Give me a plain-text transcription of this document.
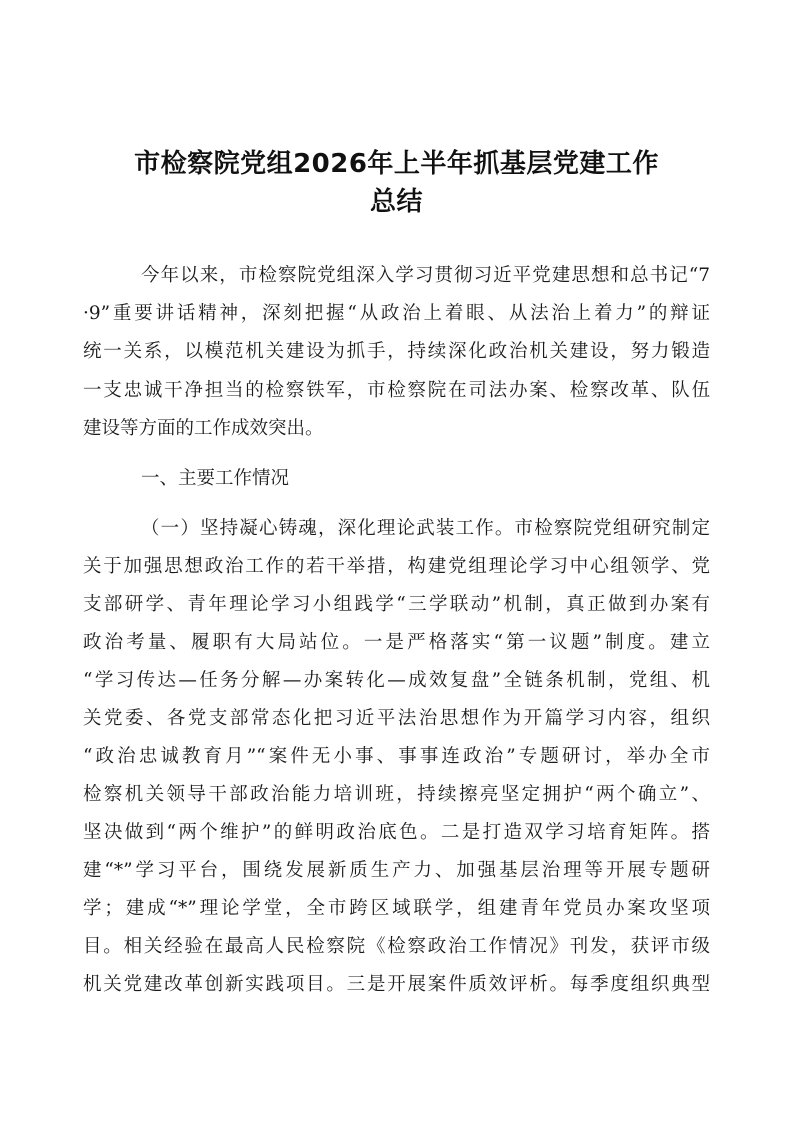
市检察院党组2026年上半年抓基层党建工作
总结
今年以来，市检察院党组深入学习贯彻习近平党建思想和总书记“7
·9”重要讲话精神，深刻把握“从政治上着眼、从法治上着力”的辩证
统一关系，以模范机关建设为抓手，持续深化政治机关建设，努力锻造
一支忠诚干净担当的检察铁军，市检察院在司法办案、检察改革、队伍
建设等方面的工作成效突出。
一、主要工作情况
（一）坚持凝心铸魂，深化理论武装工作。市检察院党组研究制定
关于加强思想政治工作的若干举措，构建党组理论学习中心组领学、党
支部研学、青年理论学习小组践学“三学联动”机制，真正做到办案有
政治考量、履职有大局站位。一是严格落实“第一议题”制度。建立
“学习传达—任务分解—办案转化—成效复盘”全链条机制，党组、机
关党委、各党支部常态化把习近平法治思想作为开篇学习内容，组织
“政治忠诚教育月”“案件无小事、事事连政治”专题研讨，举办全市
检察机关领导干部政治能力培训班，持续擦亮坚定拥护“两个确立”、
坚决做到“两个维护”的鲜明政治底色。二是打造双学习培育矩阵。搭
建“*”学习平台，围绕发展新质生产力、加强基层治理等开展专题研
学；建成“*”理论学堂，全市跨区域联学，组建青年党员办案攻坚项
目。相关经验在最高人民检察院《检察政治工作情况》刊发，获评市级
机关党建改革创新实践项目。三是开展案件质效评析。每季度组织典型
